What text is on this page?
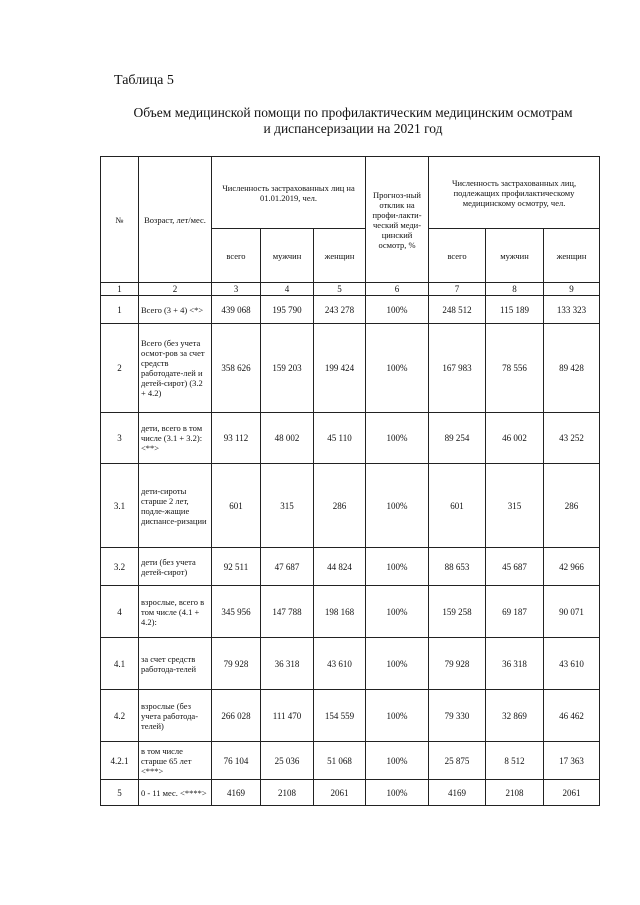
Таблица 5
Объем медицинской помощи по профилактическим медицинским осмотрам
и диспансеризации на 2021 год
№	Возраст, лет/мес.	Численность застрахованных лиц на 01.01.2019, чел.			Прогноз-ный отклик на профи-лакти-ческий меди-цинский осмотр, %	Численность застрахованных лиц, подлежащих профилактическому медицинскому осмотру, чел.		
		всего	мужчин	женщин		всего	мужчин	женщин
1	2	3	4	5	6	7	8	9
1	Всего (3 + 4) <*>	439 068	195 790	243 278	100%	248 512	115 189	133 323
2	Всего (без учета осмот-ров за счет средств работодате-лей и детей-сирот) (3.2 + 4.2)	358 626	159 203	199 424	100%	167 983	78 556	89 428
3	дети, всего в том числе (3.1 + 3.2): <**>	93 112	48 002	45 110	100%	89 254	46 002	43 252
3.1	дети-сироты старше 2 лет, подле-жащие диспансе-ризации	601	315	286	100%	601	315	286
3.2	дети (без учета детей-сирот)	92 511	47 687	44 824	100%	88 653	45 687	42 966
4	взрослые, всего в том числе (4.1 + 4.2):	345 956	147 788	198 168	100%	159 258	69 187	90 071
4.1	за счет средств работода-телей	79 928	36 318	43 610	100%	79 928	36 318	43 610
4.2	взрослые (без учета работода-телей)	266 028	111 470	154 559	100%	79 330	32 869	46 462
4.2.1	в том числе старше 65 лет <***>	76 104	25 036	51 068	100%	25 875	8 512	17 363
5	0 - 11 мес. <****>	4169	2108	2061	100%	4169	2108	2061
